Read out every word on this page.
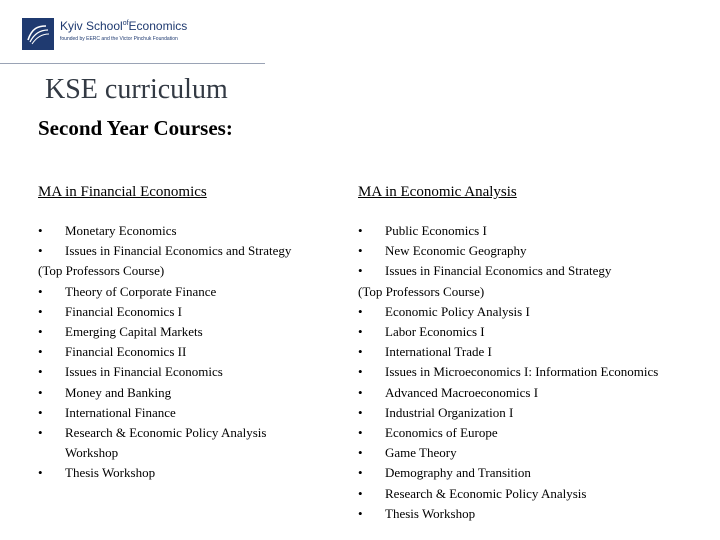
Kyiv School$^{of}$Economics
founded by EERC and the Victor Pinchuk Foundation
KSE curriculum
Second Year Courses:
MA in Financial Economics
• Monetary Economics
• Issues in Financial Economics and Strategy
(Top Professors Course)
• Theory of Corporate Finance
• Financial Economics I
• Emerging Capital Markets
• Financial Economics II
• Issues in Financial Economics
• Money and Banking
• International Finance
• Research & Economic Policy Analysis
Workshop
• Thesis Workshop
MA in Economic Analysis
• Public Economics I
• New Economic Geography
• Issues in Financial Economics and Strategy
(Top Professors Course)
• Economic Policy Analysis I
• Labor Economics I
• International Trade I
• Issues in Microeconomics I: Information Economics
• Advanced Macroeconomics I
• Industrial Organization I
• Economics of Europe
• Game Theory
• Demography and Transition
• Research & Economic Policy Analysis
• Thesis Workshop
